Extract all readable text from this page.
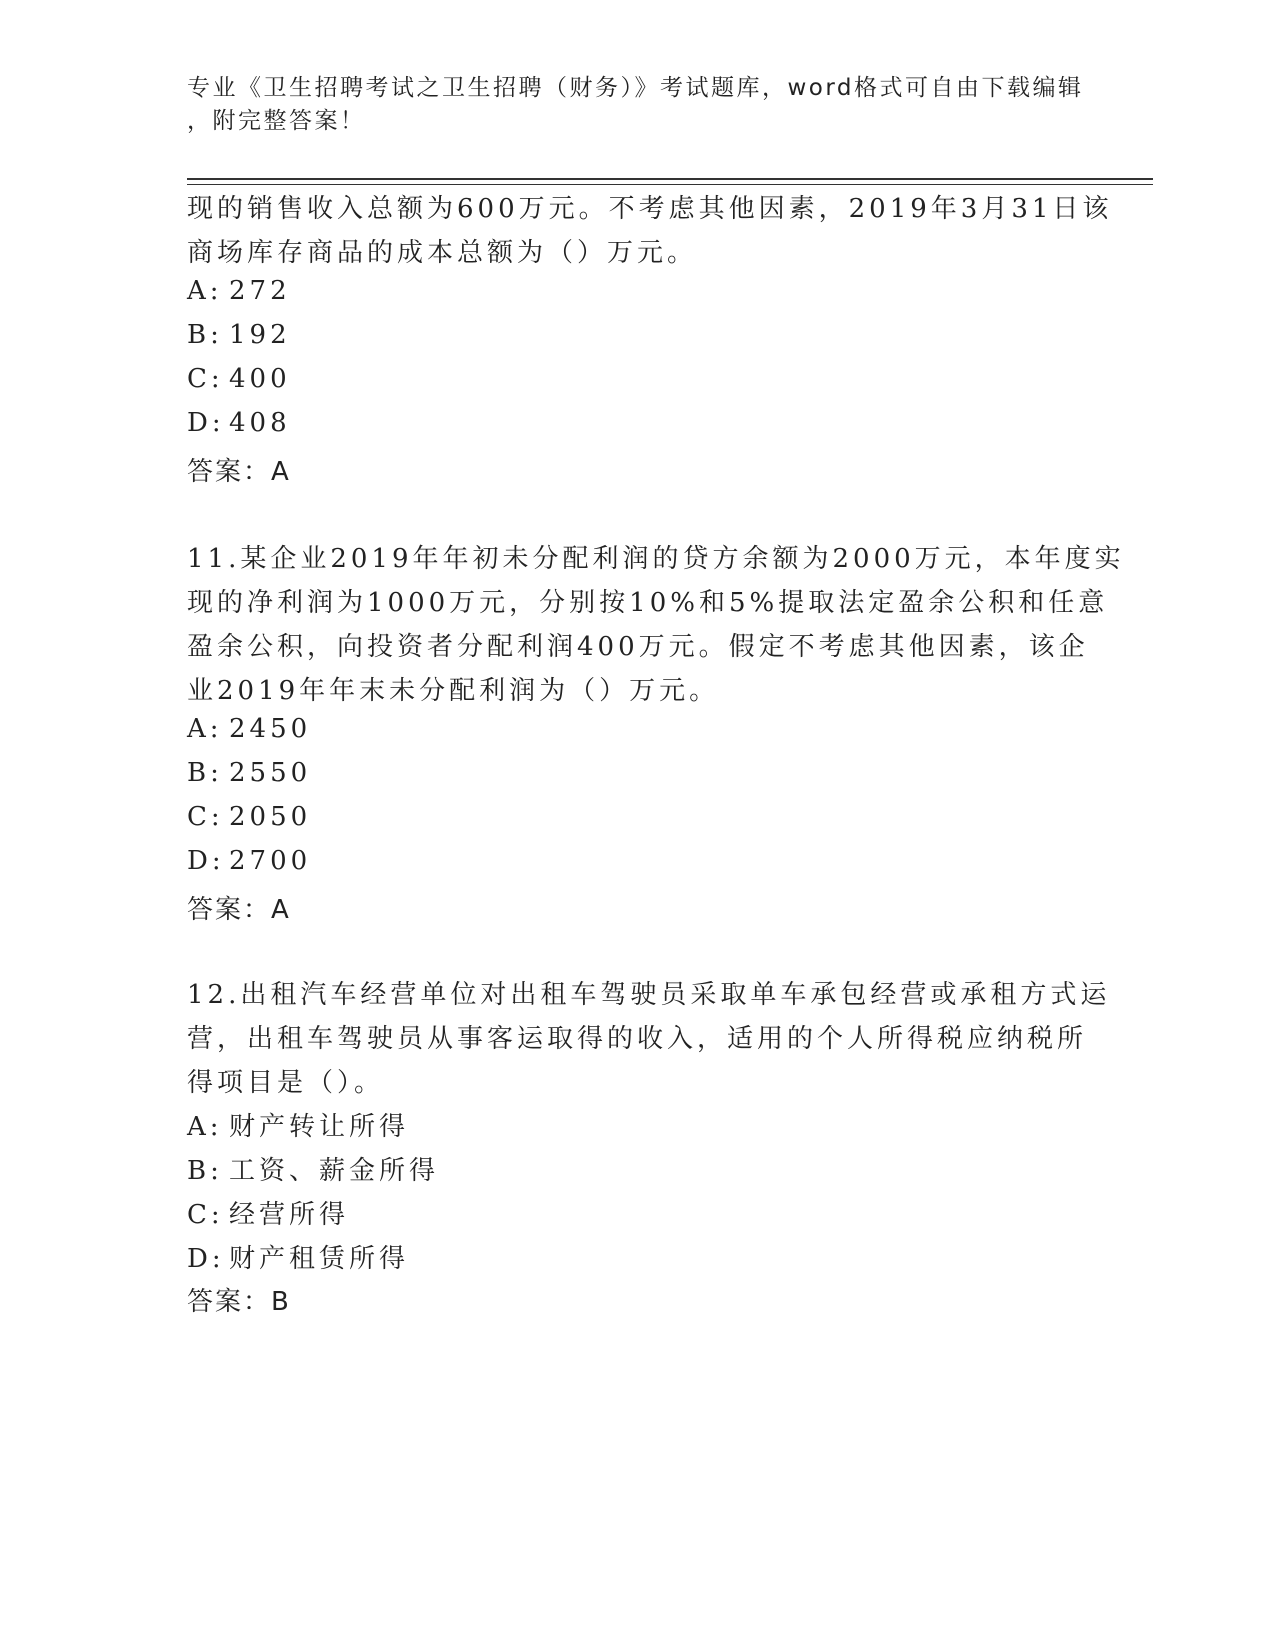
专业《卫生招聘考试之卫生招聘（财务）》考试题库，word格式可自由下载编辑
，附完整答案！
现的销售收入总额为600万元。不考虑其他因素，2019年3月31日该
商场库存商品的成本总额为（）万元。
A: 272
B: 192
C: 400
D: 408
答案：A
11.某企业2019年年初未分配利润的贷方余额为2000万元，本年度实
现的净利润为1000万元，分别按10%和5%提取法定盈余公积和任意
盈余公积，向投资者分配利润400万元。假定不考虑其他因素，该企
业2019年年末未分配利润为（）万元。
A: 2450
B: 2550
C: 2050
D: 2700
答案：A
12.出租汽车经营单位对出租车驾驶员采取单车承包经营或承租方式运
营，出租车驾驶员从事客运取得的收入，适用的个人所得税应纳税所
得项目是（）。
A: 财产转让所得
B: 工资、薪金所得
C: 经营所得
D: 财产租赁所得
答案：B
